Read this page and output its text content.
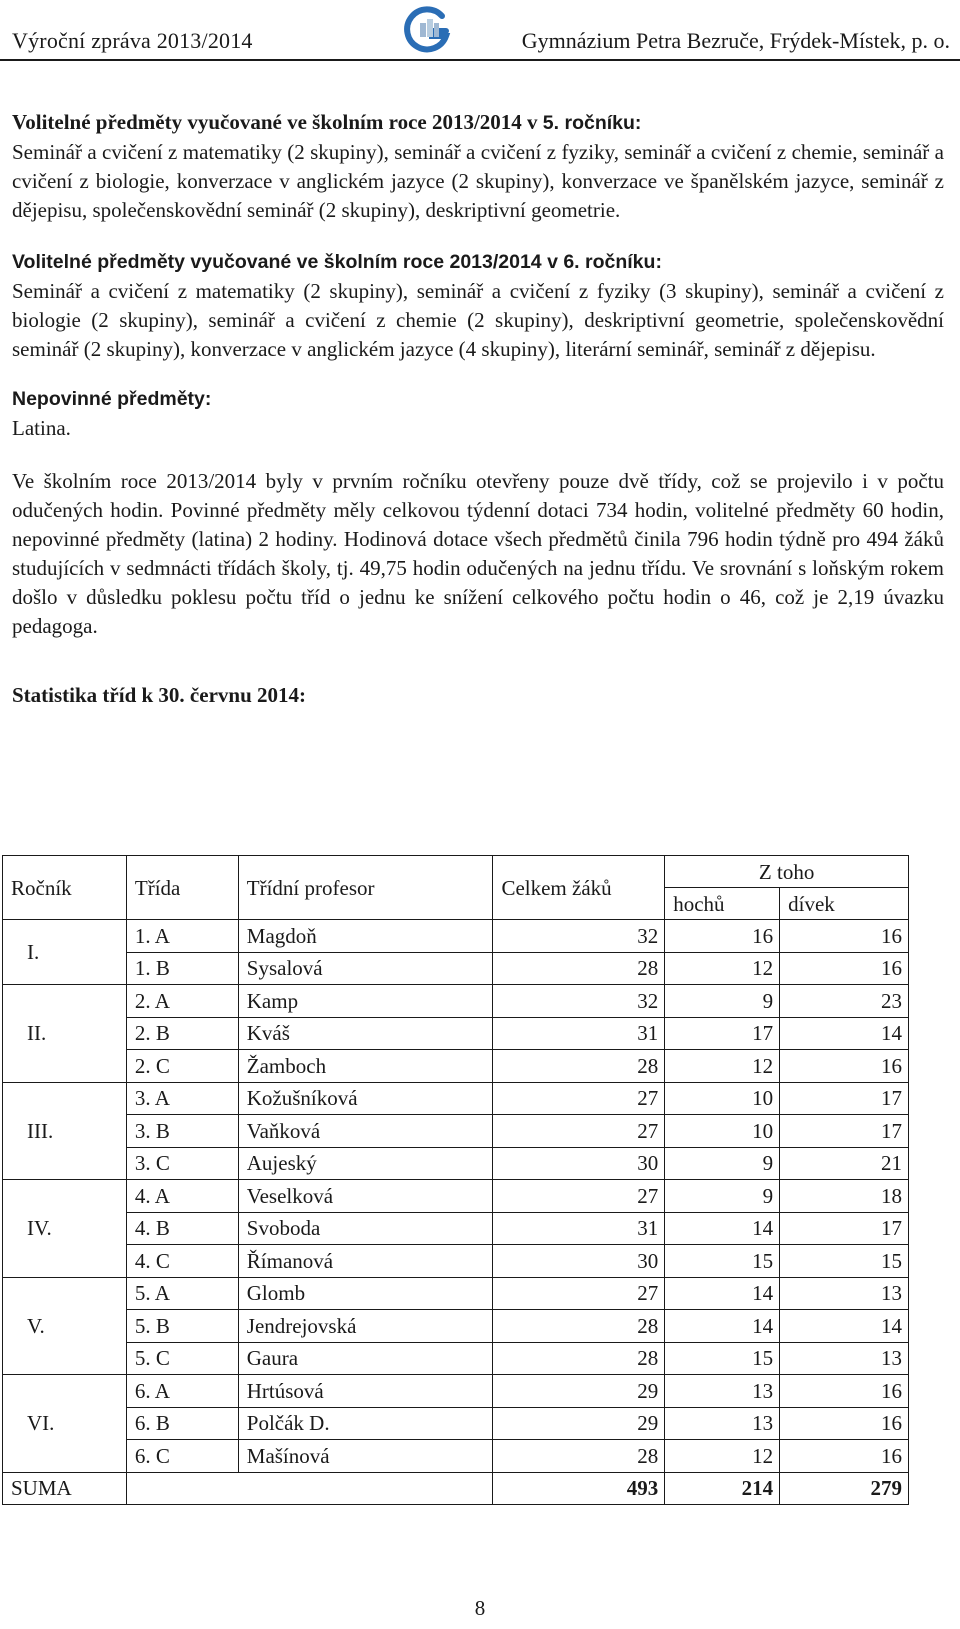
Výroční zpráva 2013/2014	Gymnázium Petra Bezruče, Frýdek-Místek, p. o.

Volitelné předměty vyučované ve školním roce 2013/2014 v 5. ročníku:

Seminář a cvičení z matematiky (2 skupiny), seminář a cvičení z fyziky, seminář a cvičení z chemie, seminář a cvičení z biologie, konverzace v anglickém jazyce (2 skupiny), konverzace ve španělském jazyce, seminář z dějepisu, společenskovědní seminář (2 skupiny), deskriptivní geometrie.

Volitelné předměty vyučované ve školním roce 2013/2014 v 6. ročníku:

Seminář a cvičení z matematiky (2 skupiny), seminář a cvičení z fyziky (3 skupiny), seminář a cvičení z biologie (2 skupiny), seminář a cvičení z chemie (2 skupiny), deskriptivní geometrie, společenskovědní seminář (2 skupiny), konverzace v anglickém jazyce (4 skupiny), literární seminář, seminář z dějepisu.

Nepovinné předměty:

Latina.

Ve školním roce 2013/2014 byly v prvním ročníku otevřeny pouze dvě třídy, což se projevilo i v počtu odučených hodin. Povinné předměty měly celkovou týdenní dotaci 734 hodin, volitelné předměty 60 hodin, nepovinné předměty (latina) 2 hodiny. Hodinová dotace všech předmětů činila 796 hodin týdně pro 494 žáků studujících v sedmnácti třídách školy, tj. 49,75 hodin odučených na jednu třídu. Ve srovnání s loňským rokem došlo v důsledku poklesu počtu tříd o jednu ke snížení celkového počtu hodin o 46, což je 2,19 úvazku pedagoga.

Statistika tříd k 30. červnu 2014:

Ročník	Třída	Třídní profesor	Celkem žáků	Z toho	
				hochů	dívek
I.	1. A	Magdoň	32	16	16
	1. B	Sysalová	28	12	16
II.	2. A	Kamp	32	9	23
	2. B	Kváš	31	17	14
	2. C	Žamboch	28	12	16
III.	3. A	Kožušníková	27	10	17
	3. B	Vaňková	27	10	17
	3. C	Aujeský	30	9	21
IV.	4. A	Veselková	27	9	18
	4. B	Svoboda	31	14	17
	4. C	Římanová	30	15	15
V.	5. A	Glomb	27	14	13
	5. B	Jendrejovská	28	14	14
	5. C	Gaura	28	15	13
VI.	6. A	Hrtúsová	29	13	16
	6. B	Polčák D.	29	13	16
	6. C	Mašínová	28	12	16
SUMA			493	214	279
8
